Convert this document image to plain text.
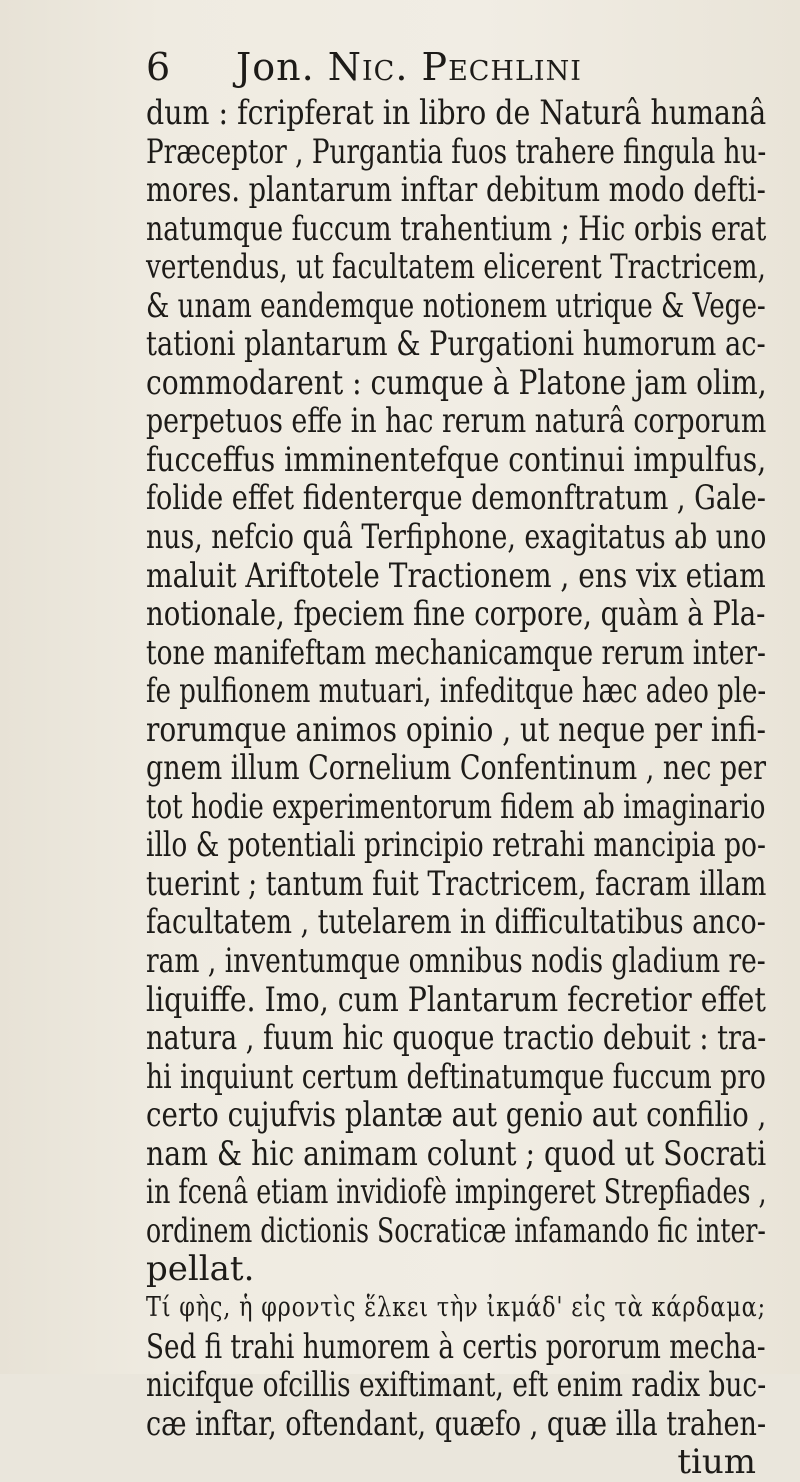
6 Jon. Nic. Pechlini
dum : fcripferat in libro de Naturâ humanâ
Præceptor , Purgantia fuos trahere fingula hu-
mores. plantarum inftar debitum modo defti-
natumque fuccum trahentium ; Hic orbis erat
vertendus, ut facultatem elicerent Tractricem,
& unam eandemque notionem utrique & Vege-
tationi plantarum & Purgationi humorum ac-
commodarent : cumque à Platone jam olim,
perpetuos effe in hac rerum naturâ corporum
fucceffus imminentefque continui impulfus,
folide effet fidenterque demonftratum , Gale-
nus, nefcio quâ Terfiphone, exagitatus ab uno
maluit Ariftotele Tractionem , ens vix etiam
notionale, fpeciem fine corpore, quàm à Pla-
tone manifeftam mechanicamque rerum inter-
fe pulfionem mutuari, infeditque hæc adeo ple-
rorumque animos opinio , ut neque per infi-
gnem illum Cornelium Confentinum , nec per
tot hodie experimentorum fidem ab imaginario
illo & potentiali principio retrahi mancipia po-
tuerint ; tantum fuit Tractricem, facram illam
facultatem , tutelarem in difficultatibus anco-
ram , inventumque omnibus nodis gladium re-
liquiffe. Imo, cum Plantarum fecretior effet
natura , fuum hic quoque tractio debuit : tra-
hi inquiunt certum deftinatumque fuccum pro
certo cujufvis plantæ aut genio aut confilio ,
nam & hic animam colunt ; quod ut Socrati
in fcenâ etiam invidiofè impingeret Strepfiades ,
ordinem dictionis Socraticæ infamando fic inter-
pellat.
Τί φὴς, ἡ φροντὶς ἕλκει τὴν ἰκμάδ' εἰς τὰ κάρδαμα;
Sed fi trahi humorem à certis pororum mecha-
nicifque ofcillis exiftimant, eft enim radix buc-
cæ inftar, oftendant, quæfo , quæ illa trahen-
tium
